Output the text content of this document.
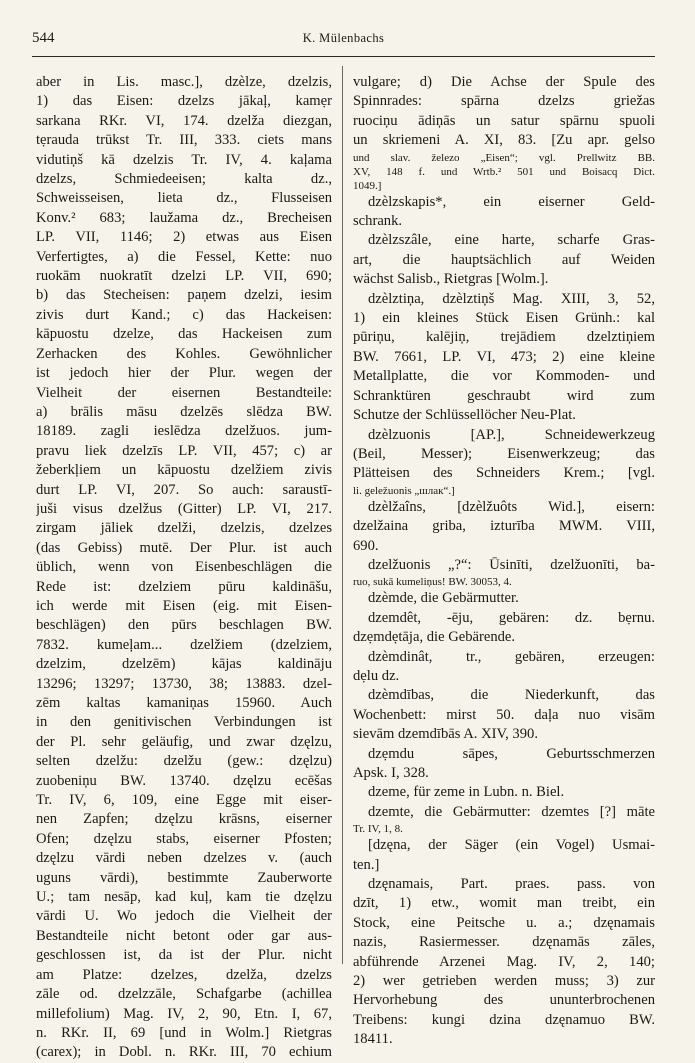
544	K. Mülenbachs
aber in Lis. masc.], dzèlze, dzelzis,
1) das Eisen: dzelzs jākaļ, kamẹr
sarkana RKr. VI, 174. dzelža diezgan,
tẹrauda trūkst Tr. III, 333. ciets mans
vidutiņš kā dzelzis Tr. IV, 4. kaļama
dzelzs, Schmiedeeisen; kalta dz.,
Schweisseisen, lieta dz., Flusseisen
Konv.² 683; laužama dz., Brecheisen
LP. VII, 1146; 2) etwas aus Eisen
Verfertigtes, a) die Fessel, Kette: nuo
ruokām nuokratīt dzelzi LP. VII, 690;
b) das Stecheisen: paņem dzelzi, iesim
zivis durt Kand.; c) das Hackeisen:
kāpuostu dzelze, das Hackeisen zum
Zerhacken des Kohles. Gewöhnlicher
ist jedoch hier der Plur. wegen der
Vielheit der eisernen Bestandteile:
a) brālis māsu dzelzēs slēdza BW.
18189. zagli ieslēdza dzelžuos. jum-
pravu liek dzelzīs LP. VII, 457; c) ar
žeberkļiem un kāpuostu dzelžiem zivis
durt LP. VI, 207. So auch: saraustī-
juši visus dzelžus (Gitter) LP. VI, 217.
zirgam jāliek dzelži, dzelzis, dzelzes
(das Gebiss) mutē. Der Plur. ist auch
üblich, wenn von Eisenbeschlägen die
Rede ist: dzelziem pūru kaldināšu,
ich werde mit Eisen (eig. mit Eisen-
beschlägen) den pūrs beschlagen BW.
7832. kumeļam... dzelžiem (dzelziem,
dzelzim, dzelzēm) kājas kaldināju
13296; 13297; 13730, 38; 13883. dzel-
zēm kaltas kamaniņas 15960. Auch
in den genitivischen Verbindungen ist
der Pl. sehr geläufig, und zwar dzęlzu,
selten dzelžu: dzelžu (gew.: dzęlzu)
zuobeniņu BW. 13740. dzęlzu ecēšas
Tr. IV, 6, 109, eine Egge mit eiser-
nen Zapfen; dzęlzu krāsns, eiserner
Ofen; dzęlzu stabs, eiserner Pfosten;
dzęlzu vārdi neben dzelzes v. (auch
uguns vārdi), bestimmte Zauberworte
U.; tam nesāp, kad kuļ, kam tie dzęlzu
vārdi U. Wo jedoch die Vielheit der
Bestandteile nicht betont oder gar aus-
geschlossen ist, da ist der Plur. nicht
am Platze: dzelzes, dzelža, dzelzs
zāle od. dzelzzāle, Schafgarbe (achillea
millefolium) Mag. IV, 2, 90, Etn. I, 67,
n. RKr. II, 69 [und in Wolm.] Rietgras
(carex); in Dobl. n. RKr. III, 70 echium
vulgare; d) Die Achse der Spule des
Spinnrades: spārna dzelzs griežas
ruociņu ādiņās un satur spārnu spuoli
un skriemeni A. XI, 83. [Zu apr. gelso
und slav. železo „Eisen“; vgl. Prellwitz BB.
XV, 148 f. und Wrtb.² 501 und Boisacq Dict.
1049.]
dzèlzskapis*, ein eiserner Geld-
schrank.
dzèlzszâle, eine harte, scharfe Gras-
art, die hauptsächlich auf Weiden
wächst Salisb., Rietgras [Wolm.].
dzèlztiņa, dzèlztiņš Mag. XIII, 3, 52,
1) ein kleines Stück Eisen Grünh.: kal
pūriņu, kalējiņ, trejādiem dzelztiņiem
BW. 7661, LP. VI, 473; 2) eine kleine
Metallplatte, die vor Kommoden- und
Schranktüren geschraubt wird zum
Schutze der Schlüssellöcher Neu-Plat.
dzèlzuonis [AP.], Schneidewerkzeug
(Beil, Messer); Eisenwerkzeug; das
Plätteisen des Schneiders Krem.; [vgl.
li. geležuonis „шлак“.]
dzèlžaîns, [dzèlžuôts Wid.], eisern:
dzelžaina griba, izturība MWM. VIII,
690.
dzelžuonis „?“: Ūsinīti, dzelžuonīti, ba-
ruo, sukā kumeliņus! BW. 30053, 4.
dzèmde, die Gebärmutter.
dzemdêt, -ēju, gebären: dz. bẹrnu.
dzẹmdẹtāja, die Gebärende.
dzèmdinât, tr., gebären, erzeugen:
dẹlu dz.
dzèmdības, die Niederkunft, das
Wochenbett: mirst 50. daļa nuo visām
sievām dzemdībās A. XIV, 390.
dzẹmdu sāpes, Geburtsschmerzen
Apsk. I, 328.
dzeme, für zeme in Lubn. n. Biel.
dzemte, die Gebärmutter: dzemtes [?] māte
Tr. IV, 1, 8.
[dzęna, der Säger (ein Vogel) Usmai-
ten.]
dzęnamais, Part. praes. pass. von
dzīt, 1) etw., womit man treibt, ein
Stock, eine Peitsche u. a.; dzęnamais
nazis, Rasiermesser. dzęnamās zāles,
abführende Arzenei Mag. IV, 2, 140;
2) wer getrieben werden muss; 3) zur
Hervorhebung des ununterbrochenen
Treibens: kungi dzina dzęnamuo BW.
18411.
